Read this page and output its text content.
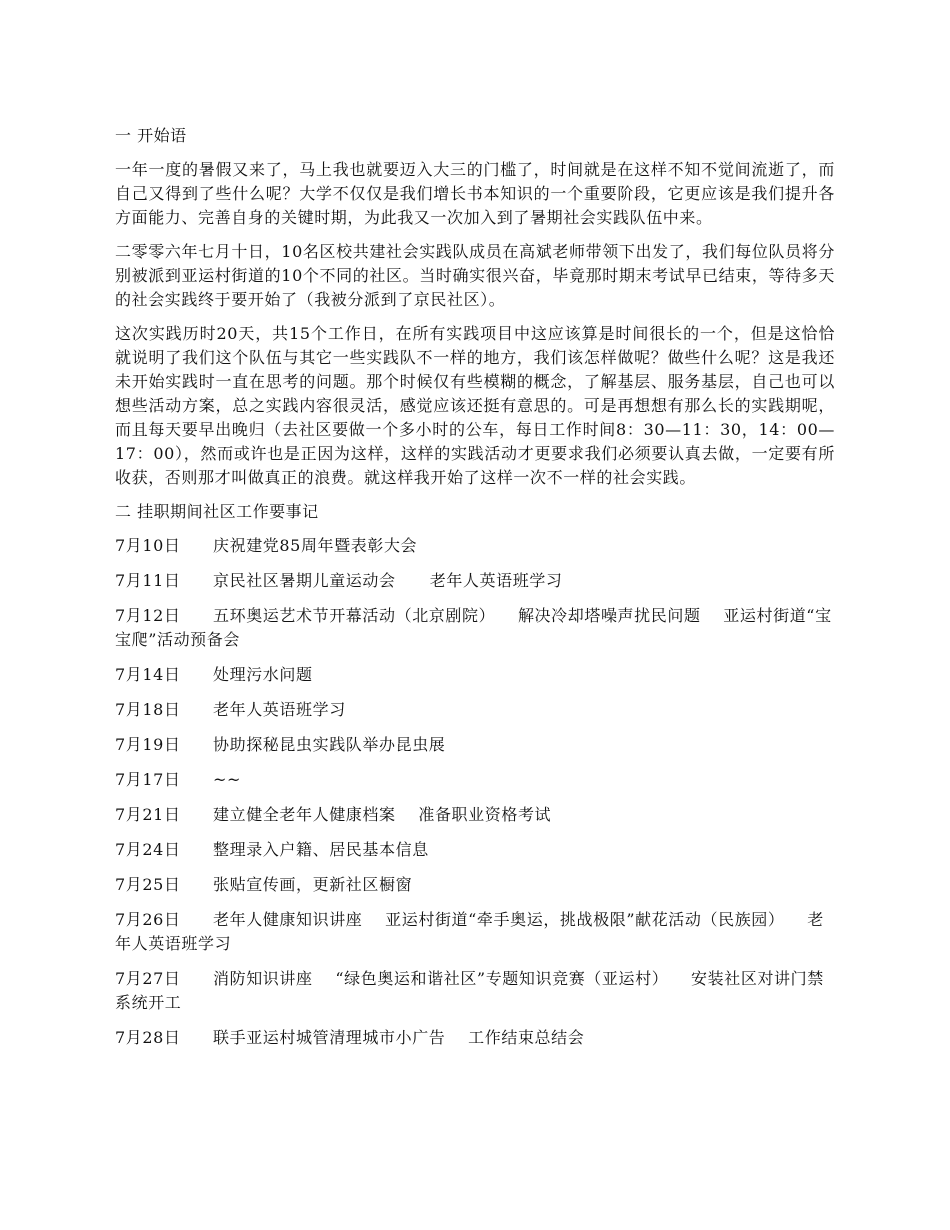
一 开始语

一年一度的暑假又来了，马上我也就要迈入大三的门槛了，时间就是在这样不知不觉间流逝了，而自己又得到了些什么呢？大学不仅仅是我们增长书本知识的一个重要阶段，它更应该是我们提升各方面能力、完善自身的关键时期，为此我又一次加入到了暑期社会实践队伍中来。

二零零六年七月十日，10名区校共建社会实践队成员在高斌老师带领下出发了，我们每位队员将分别被派到亚运村街道的10个不同的社区。当时确实很兴奋，毕竟那时期末考试早已结束，等待多天的社会实践终于要开始了（我被分派到了京民社区）。

这次实践历时20天，共15个工作日，在所有实践项目中这应该算是时间很长的一个，但是这恰恰就说明了我们这个队伍与其它一些实践队不一样的地方，我们该怎样做呢？做些什么呢？这是我还未开始实践时一直在思考的问题。那个时候仅有些模糊的概念，了解基层、服务基层，自己也可以想些活动方案，总之实践内容很灵活，感觉应该还挺有意思的。可是再想想有那么长的实践期呢，而且每天要早出晚归（去社区要做一个多小时的公车，每日工作时间8：30—11：30，14：00—17：00），然而或许也是正因为这样，这样的实践活动才更要求我们必须要认真去做，一定要有所收获，否则那才叫做真正的浪费。就这样我开始了这样一次不一样的社会实践。

二 挂职期间社区工作要事记
7月10日 庆祝建党85周年暨表彰大会
7月11日 京民社区暑期儿童运动会      老年人英语班学习
7月12日 五环奥运艺术节开幕活动（北京剧院）    解决冷却塔噪声扰民问题    亚运村街道“宝宝爬”活动预备会
7月14日 处理污水问题
7月18日 老年人英语班学习
7月19日 协助探秘昆虫实践队举办昆虫展
7月17日 ~~
7月21日 建立健全老年人健康档案    准备职业资格考试
7月24日 整理录入户籍、居民基本信息
7月25日 张贴宣传画，更新社区橱窗
7月26日 老年人健康知识讲座    亚运村街道“牵手奥运，挑战极限”献花活动（民族园）    老年人英语班学习
7月27日 消防知识讲座    “绿色奥运和谐社区”专题知识竞赛（亚运村）    安装社区对讲门禁系统开工
7月28日 联手亚运村城管清理城市小广告    工作结束总结会
